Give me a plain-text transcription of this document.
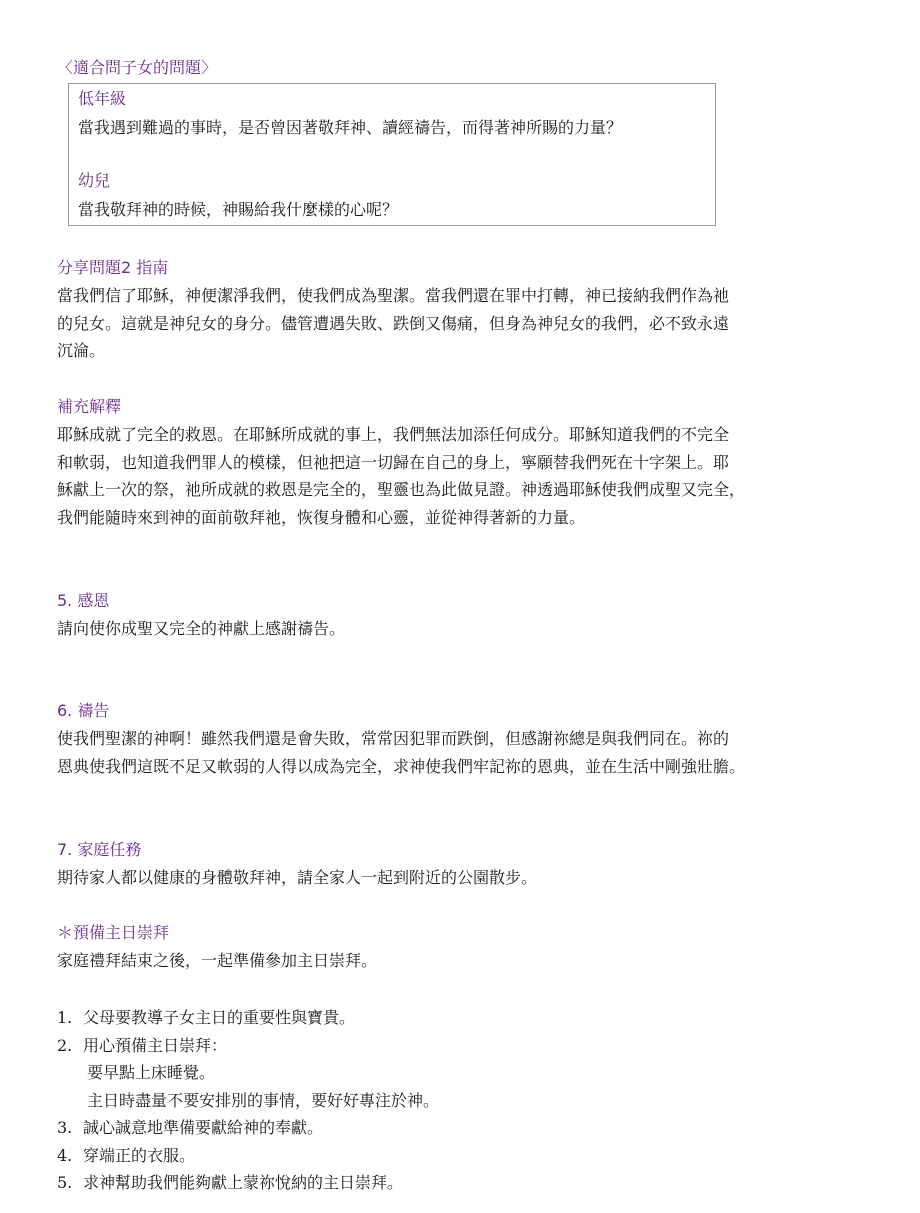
〈適合問子女的問題〉
低年級
當我遇到難過的事時，是否曾因著敬拜神、讀經禱告，而得著神所賜的力量？
幼兒
當我敬拜神的時候，神賜給我什麼樣的心呢？
分享問題2 指南
當我們信了耶穌，神便潔淨我們，使我們成為聖潔。當我們還在罪中打轉，神已接納我們作為祂
的兒女。這就是神兒女的身分。儘管遭遇失敗、跌倒又傷痛，但身為神兒女的我們，必不致永遠
沉淪。
補充解釋
耶穌成就了完全的救恩。在耶穌所成就的事上，我們無法加添任何成分。耶穌知道我們的不完全
和軟弱，也知道我們罪人的模樣，但祂把這一切歸在自己的身上，寧願替我們死在十字架上。耶
穌獻上一次的祭，祂所成就的救恩是完全的，聖靈也為此做見證。神透過耶穌使我們成聖又完全，
我們能隨時來到神的面前敬拜祂，恢復身體和心靈，並從神得著新的力量。
5. 感恩
請向使你成聖又完全的神獻上感謝禱告。
6. 禱告
使我們聖潔的神啊！雖然我們還是會失敗，常常因犯罪而跌倒，但感謝祢總是與我們同在。祢的
恩典使我們這既不足又軟弱的人得以成為完全，求神使我們牢記祢的恩典，並在生活中剛強壯膽。
7. 家庭任務
期待家人都以健康的身體敬拜神，請全家人一起到附近的公園散步。
＊預備主日崇拜
家庭禮拜結束之後，一起準備參加主日崇拜。
1. 父母要教導子女主日的重要性與寶貴。
2. 用心預備主日崇拜：
要早點上床睡覺。
主日時盡量不要安排別的事情，要好好專注於神。
3. 誠心誠意地準備要獻給神的奉獻。
4. 穿端正的衣服。
5. 求神幫助我們能夠獻上蒙祢悅納的主日崇拜。
